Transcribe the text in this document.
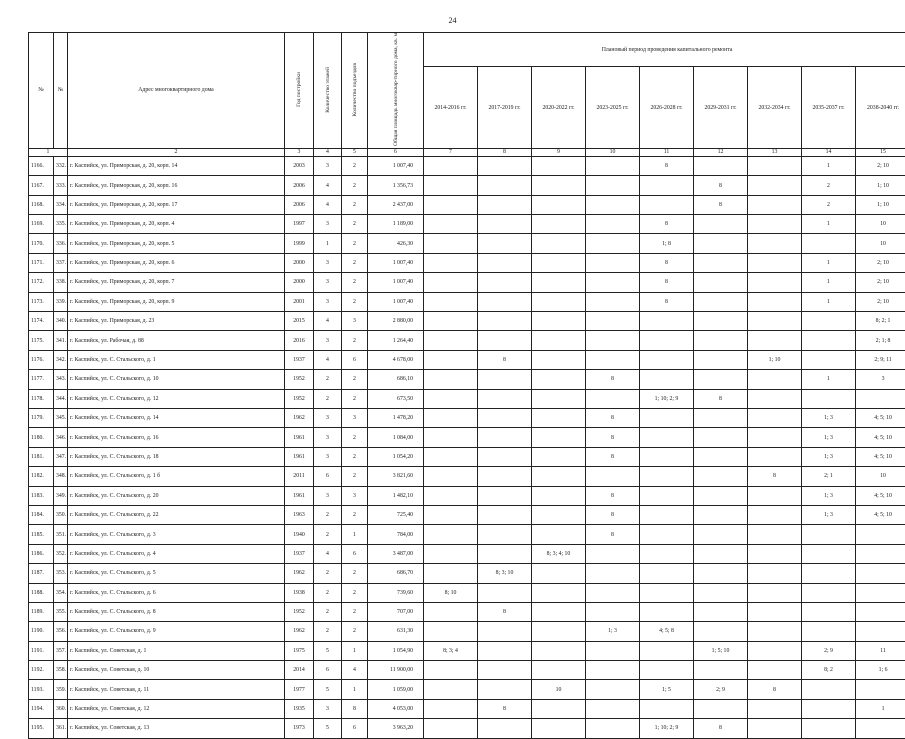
24
№	№	Адрес многоквартирного дома	Год постройки	Количество этажей	Количество подъездов	Общая площадь многоквар-тирного дома, кв. м	Плановый период проведения капитального ремонта								
							2014-2016 гг.	2017-2019 гг.	2020-2022 гг.	2023-2025 гг.	2026-2028 гг.	2029-2031 гг.	2032-2034 гг.	2035-2037 гг.	2038-2040 гг.
1		2	3	4	5	6	7	8	9	10	11	12	13	14	15
1166.	332.	г. Каспийск, ул. Приморская, д. 20, корп. 14	2003	3	2	1 007,40					8			1	2; 10
1167.	333.	г. Каспийск, ул. Приморская, д. 20, корп. 16	2006	4	2	1 356,73						8		2	1; 10
1168.	334.	г. Каспийск, ул. Приморская, д. 20, корп. 17	2006	4	2	2 437,00						8		2	1; 10
1169.	335.	г. Каспийск, ул. Приморская, д. 20, корп. 4	1997	3	2	1 189,00					8			1	10
1170.	336.	г. Каспийск, ул. Приморская, д. 20, корп. 5	1999	1	2	426,30					1; 8				10
1171.	337.	г. Каспийск, ул. Приморская, д. 20, корп. 6	2000	3	2	1 007,40					8			1	2; 10
1172.	338.	г. Каспийск, ул. Приморская, д. 20, корп. 7	2000	3	2	1 007,40					8			1	2; 10
1173.	339.	г. Каспийск, ул. Приморская, д. 20, корп. 9	2001	3	2	1 007,40					8			1	2; 10
1174.	340.	г. Каспийск, ул. Приморская, д. 23	2015	4	3	2 880,00									8; 2; 1
1175.	341.	г. Каспийск, ул. Рабочая, д. 88	2016	3	2	1 264,40									2; 1; 8
1176.	342.	г. Каспийск, ул. С. Стальского, д. 1	1937	4	6	4 678,00		8					1; 10		2; 9; 11
1177.	343.	г. Каспийск, ул. С. Стальского, д. 10	1952	2	2	686,10				8				1	3
1178.	344.	г. Каспийск, ул. С. Стальского, д. 12	1952	2	2	673,50					1; 10; 2; 9	8			
1179.	345.	г. Каспийск, ул. С. Стальского, д. 14	1962	3	3	1 478,20				8				1; 3	4; 5; 10
1180.	346.	г. Каспийск, ул. С. Стальского, д. 16	1961	3	2	1 084,00				8				1; 3	4; 5; 10
1181.	347.	г. Каспийск, ул. С. Стальского, д. 18	1961	3	2	1 054,20				8				1; 3	4; 5; 10
1182.	348.	г. Каспийск, ул. С. Стальского, д. 1 б	2011	6	2	3 821,60							8	2; 1	10
1183.	349.	г. Каспийск, ул. С. Стальского, д. 20	1961	3	3	1 482,10				8				1; 3	4; 5; 10
1184.	350.	г. Каспийск, ул. С. Стальского, д. 22	1963	2	2	725,40				8				1; 3	4; 5; 10
1185.	351.	г. Каспийск, ул. С. Стальского, д. 3	1940	2	1	784,00				8					
1186.	352.	г. Каспийск, ул. С. Стальского, д. 4	1937	4	6	3 487,00			8; 3; 4; 10						
1187.	353.	г. Каспийск, ул. С. Стальского, д. 5	1962	2	2	686,70		8; 3; 10							
1188.	354.	г. Каспийск, ул. С. Стальского, д. 6	1938	2	2	739,60	8; 10								
1189.	355.	г. Каспийск, ул. С. Стальского, д. 8	1952	2	2	707,00		8							
1190.	356.	г. Каспийск, ул. С. Стальского, д. 9	1962	2	2	631,30				1; 3	4; 5; 8				
1191.	357.	г. Каспийск, ул. Советская, д. 1	1975	5	1	1 054,90	8; 3; 4					1; 5; 10		2; 9	11
1192.	358.	г. Каспийск, ул. Советская, д. 10	2014	6	4	11 900,00								8; 2	1; 6
1193.	359.	г. Каспийск, ул. Советская, д. 11	1977	5	1	1 059,00			10		1; 5	2; 9	8		
1194.	360.	г. Каспийск, ул. Советская, д. 12	1935	3	8	4 053,00		8							1
1195.	361.	г. Каспийск, ул. Советская, д. 13	1973	5	6	3 963,20					1; 10; 2; 9	8			
